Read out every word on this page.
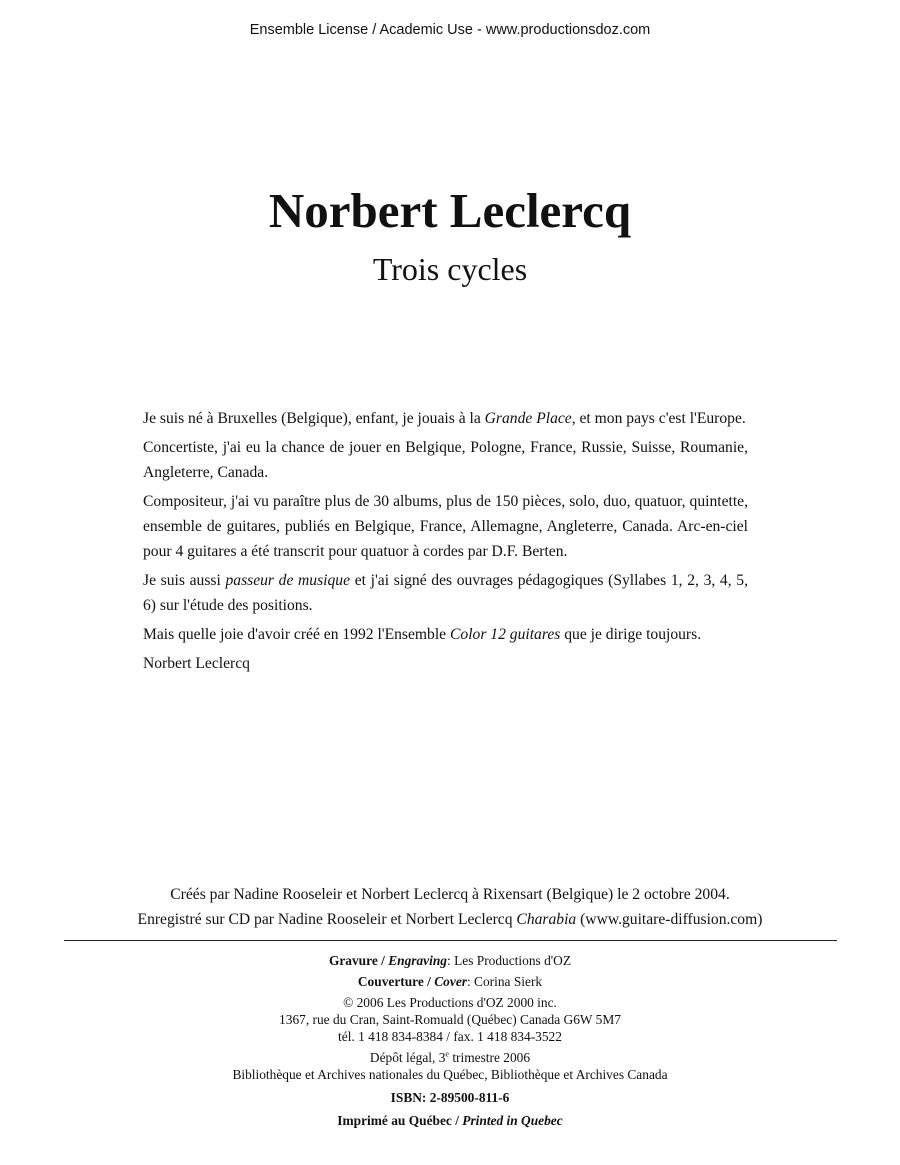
Ensemble License / Academic Use - www.productionsdoz.com
Norbert Leclercq
Trois cycles

Je suis né à Bruxelles (Belgique), enfant, je jouais à la Grande Place, et mon pays c'est l'Europe.

Concertiste, j'ai eu la chance de jouer en Belgique, Pologne, France, Russie, Suisse, Roumanie, Angleterre, Canada.

Compositeur, j'ai vu paraître plus de 30 albums, plus de 150 pièces, solo, duo, quatuor, quintette, ensemble de guitares, publiés en Belgique, France, Allemagne, Angleterre, Canada. Arc-en-ciel pour 4 guitares a été transcrit pour quatuor à cordes par D.F. Berten.

Je suis aussi passeur de musique et j'ai signé des ouvrages pédagogiques (Syllabes 1, 2, 3, 4, 5, 6) sur l'étude des positions.

Mais quelle joie d'avoir créé en 1992 l'Ensemble Color 12 guitares que je dirige toujours.

Norbert Leclercq

Créés par Nadine Rooseleir et Norbert Leclercq à Rixensart (Belgique) le 2 octobre 2004.
Enregistré sur CD par Nadine Rooseleir et Norbert Leclercq Charabia (www.guitare-diffusion.com)
Gravure / Engraving: Les Productions d'OZ
Couverture / Cover: Corina Sierk
© 2006 Les Productions d'OZ 2000 inc.
1367, rue du Cran, Saint-Romuald (Québec) Canada G6W 5M7
tél. 1 418 834-8384 / fax. 1 418 834-3522
Dépôt légal, 3e trimestre 2006
Bibliothèque et Archives nationales du Québec, Bibliothèque et Archives Canada
ISBN: 2-89500-811-6
Imprimé au Québec / Printed in Quebec
